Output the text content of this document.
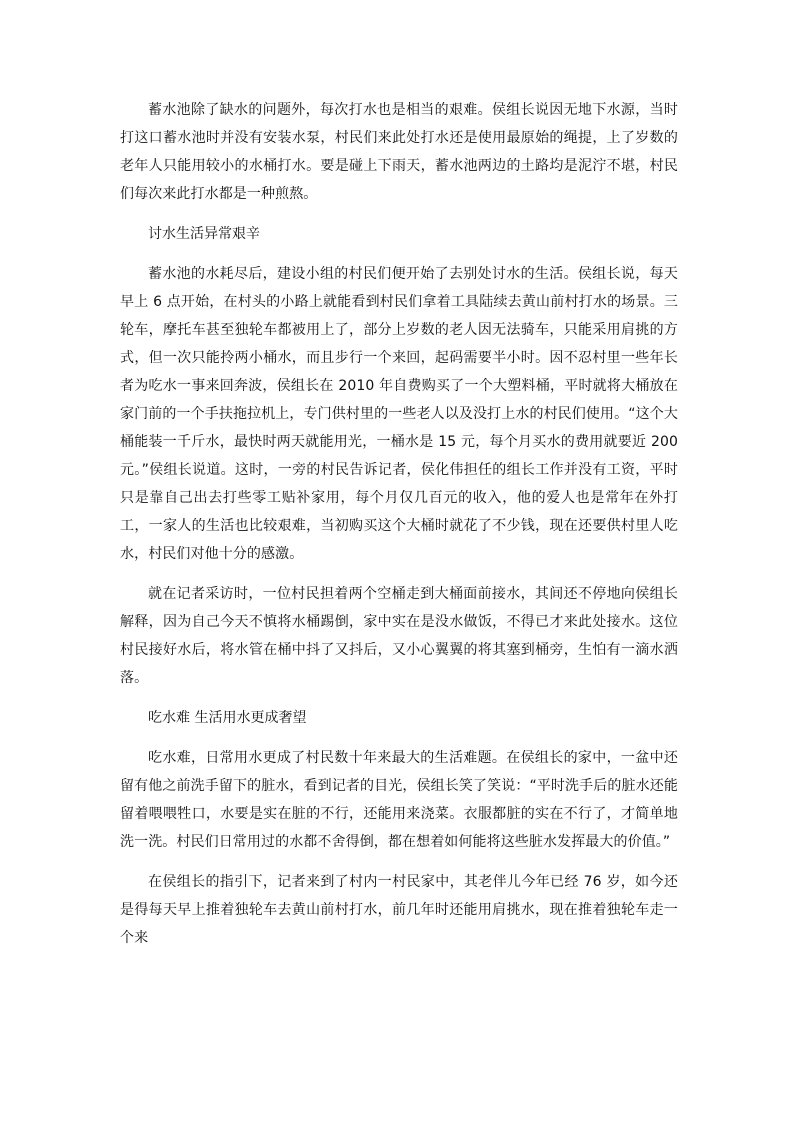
蓄水池除了缺水的问题外，每次打水也是相当的艰难。侯组长说因无地下水源，当时打这口蓄水池时并没有安装水泵，村民们来此处打水还是使用最原始的绳提，上了岁数的老年人只能用较小的水桶打水。要是碰上下雨天，蓄水池两边的土路均是泥泞不堪，村民们每次来此打水都是一种煎熬。

讨水生活异常艰辛

蓄水池的水耗尽后，建设小组的村民们便开始了去别处讨水的生活。侯组长说，每天早上 6 点开始，在村头的小路上就能看到村民们拿着工具陆续去黄山前村打水的场景。三轮车，摩托车甚至独轮车都被用上了，部分上岁数的老人因无法骑车，只能采用肩挑的方式，但一次只能拎两小桶水，而且步行一个来回，起码需要半小时。因不忍村里一些年长者为吃水一事来回奔波，侯组长在 2010 年自费购买了一个大塑料桶，平时就将大桶放在家门前的一个手扶拖拉机上，专门供村里的一些老人以及没打上水的村民们使用。“这个大桶能装一千斤水，最快时两天就能用光，一桶水是 15 元，每个月买水的费用就要近 200 元。”侯组长说道。这时，一旁的村民告诉记者，侯化伟担任的组长工作并没有工资，平时只是靠自己出去打些零工贴补家用，每个月仅几百元的收入，他的爱人也是常年在外打工，一家人的生活也比较艰难，当初购买这个大桶时就花了不少钱，现在还要供村里人吃水，村民们对他十分的感激。

就在记者采访时，一位村民担着两个空桶走到大桶面前接水，其间还不停地向侯组长解释，因为自己今天不慎将水桶踢倒，家中实在是没水做饭，不得已才来此处接水。这位村民接好水后，将水管在桶中抖了又抖后，又小心翼翼的将其塞到桶旁，生怕有一滴水洒落。

吃水难 生活用水更成奢望

吃水难，日常用水更成了村民数十年来最大的生活难题。在侯组长的家中，一盆中还留有他之前洗手留下的脏水，看到记者的目光，侯组长笑了笑说：“平时洗手后的脏水还能留着喂喂牲口，水要是实在脏的不行，还能用来浇菜。衣服都脏的实在不行了，才简单地洗一洗。村民们日常用过的水都不舍得倒，都在想着如何能将这些脏水发挥最大的价值。”

在侯组长的指引下，记者来到了村内一村民家中，其老伴儿今年已经 76 岁，如今还是得每天早上推着独轮车去黄山前村打水，前几年时还能用肩挑水，现在推着独轮车走一个来
